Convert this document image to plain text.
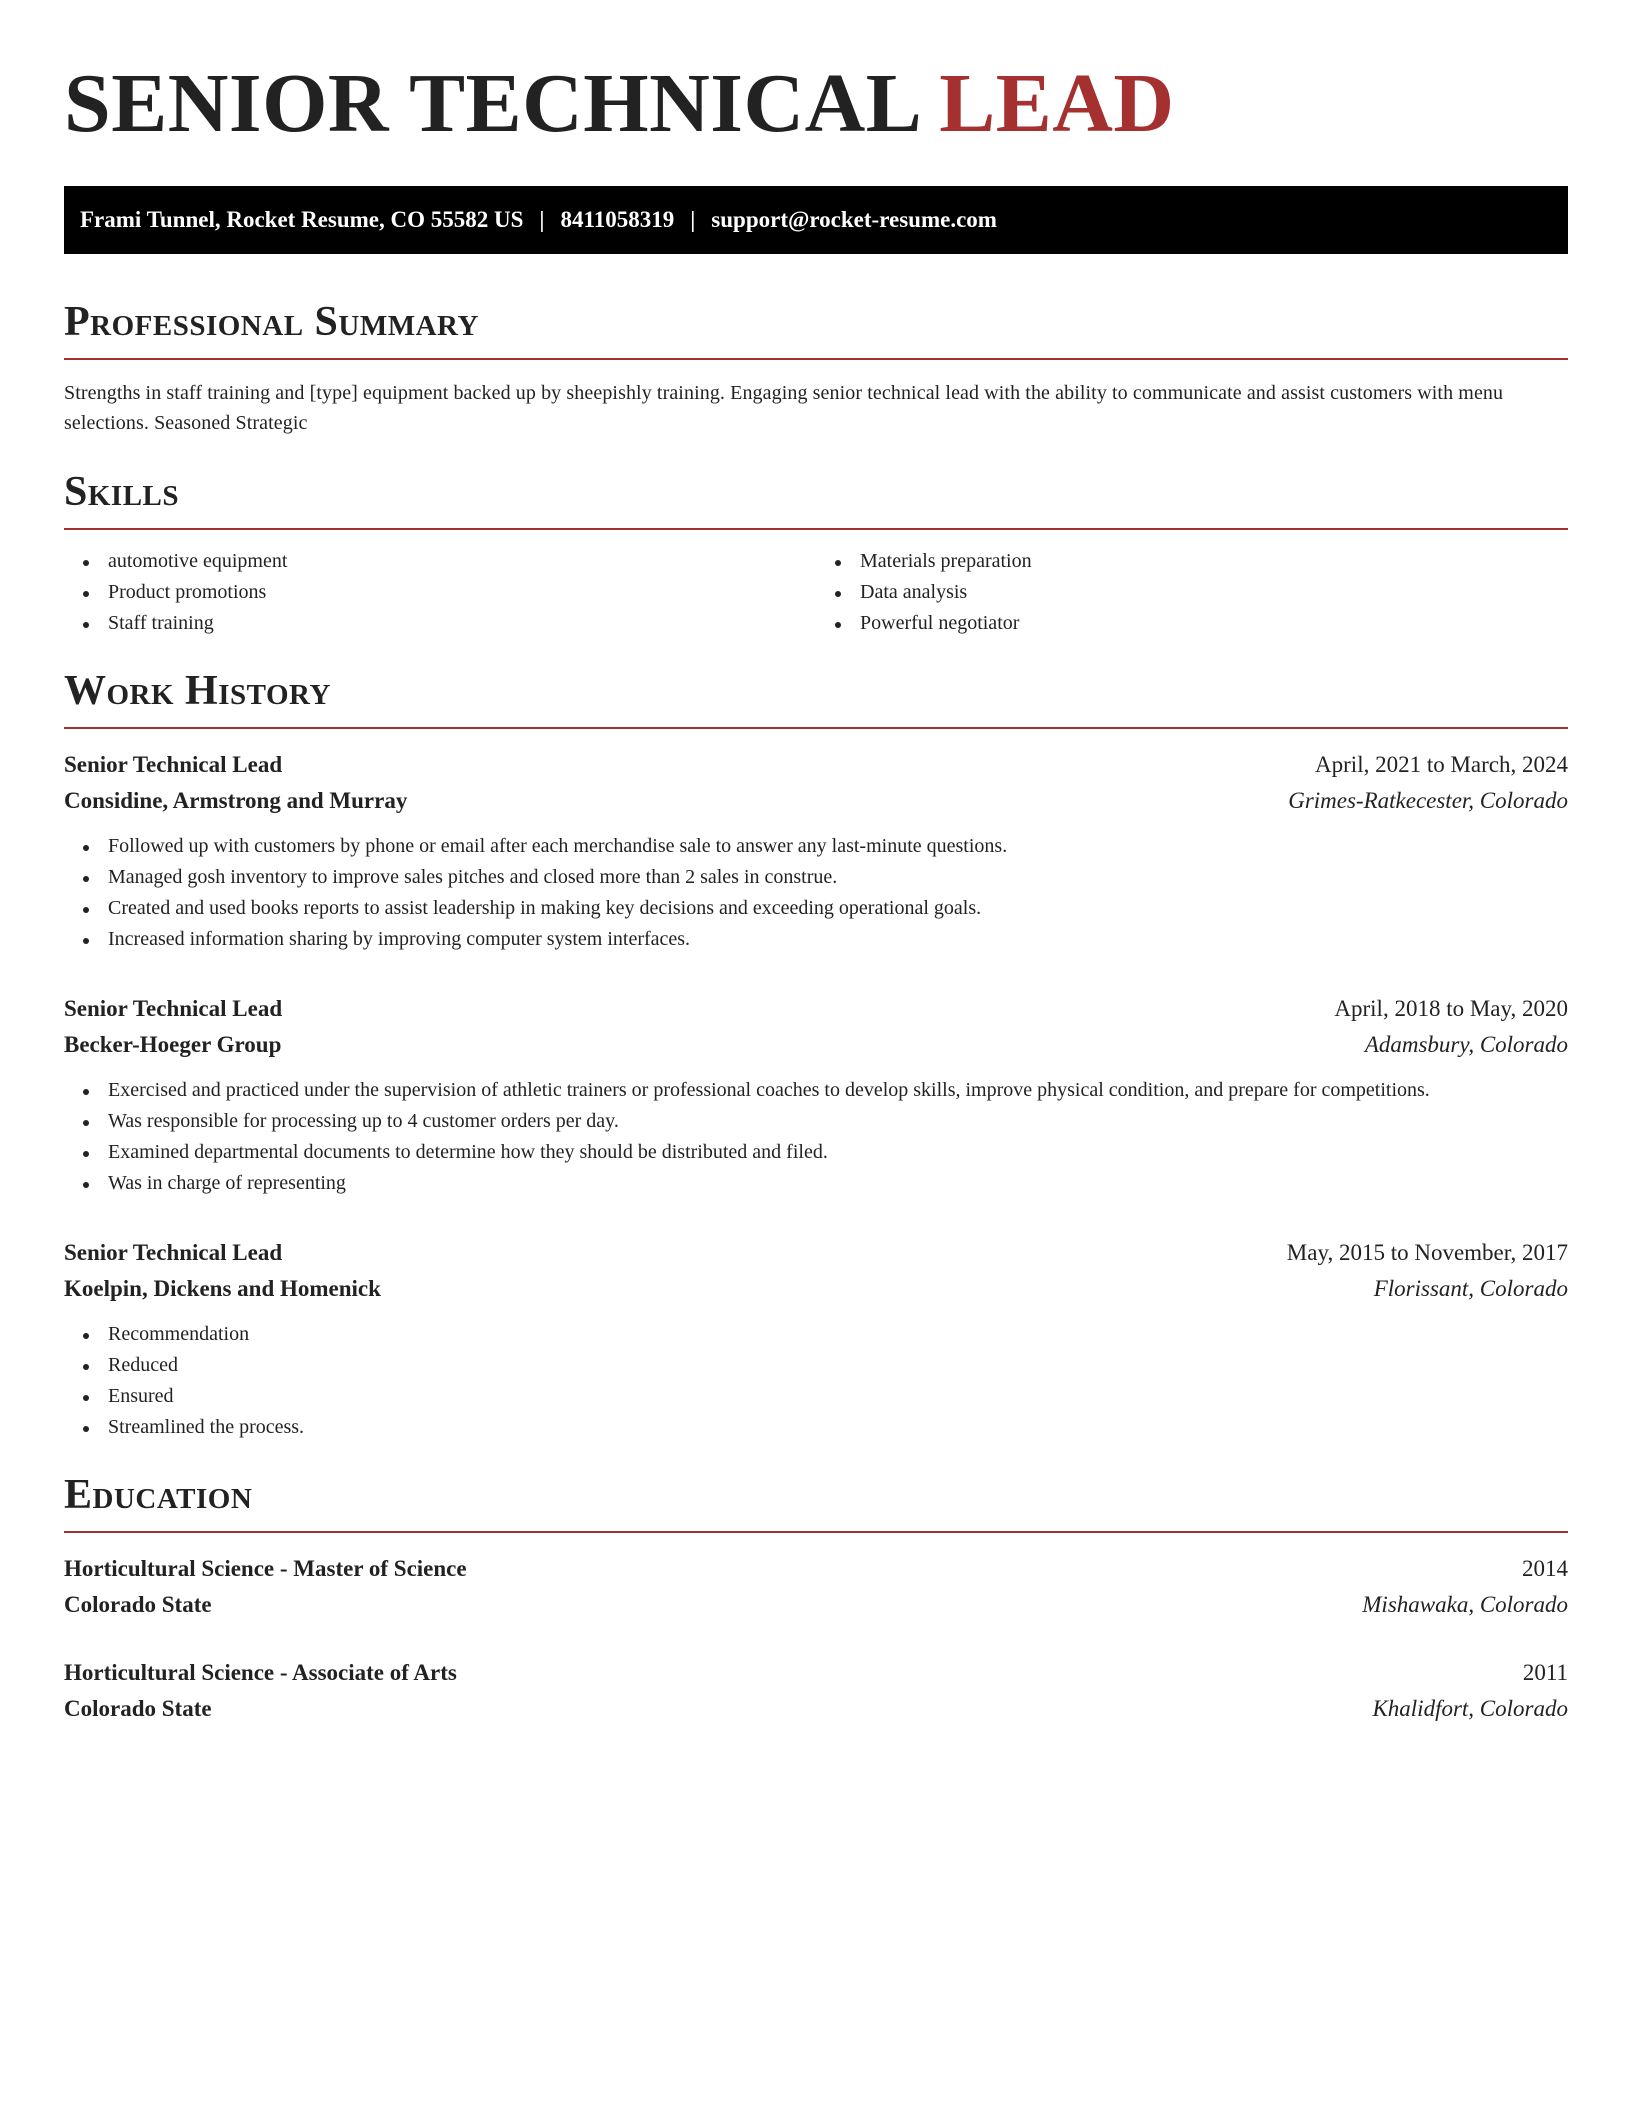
SENIOR TECHNICAL LEAD
Frami Tunnel, Rocket Resume, CO 55582 US | 8411058319 | support@rocket-resume.com
Professional Summary

Strengths in staff training and [type] equipment backed up by sheepishly training. Engaging senior technical lead with the ability to communicate and assist customers with menu selections. Seasoned Strategic

Skills
automotive equipment
Product promotions
Staff training
Materials preparation
Data analysis
Powerful negotiator
Work History
Senior Technical Lead	April, 2021 to March, 2024
Considine, Armstrong and Murray	Grimes-Ratkecester, Colorado
Followed up with customers by phone or email after each merchandise sale to answer any last-minute questions.
Managed gosh inventory to improve sales pitches and closed more than 2 sales in construe.
Created and used books reports to assist leadership in making key decisions and exceeding operational goals.
Increased information sharing by improving computer system interfaces.
Senior Technical Lead	April, 2018 to May, 2020
Becker-Hoeger Group	Adamsbury, Colorado
Exercised and practiced under the supervision of athletic trainers or professional coaches to develop skills, improve physical condition, and prepare for competitions.
Was responsible for processing up to 4 customer orders per day.
Examined departmental documents to determine how they should be distributed and filed.
Was in charge of representing
Senior Technical Lead	May, 2015 to November, 2017
Koelpin, Dickens and Homenick	Florissant, Colorado
Recommendation
Reduced
Ensured
Streamlined the process.
Education
Horticultural Science - Master of Science	2014
Colorado State	Mishawaka, Colorado
Horticultural Science - Associate of Arts	2011
Colorado State	Khalidfort, Colorado
